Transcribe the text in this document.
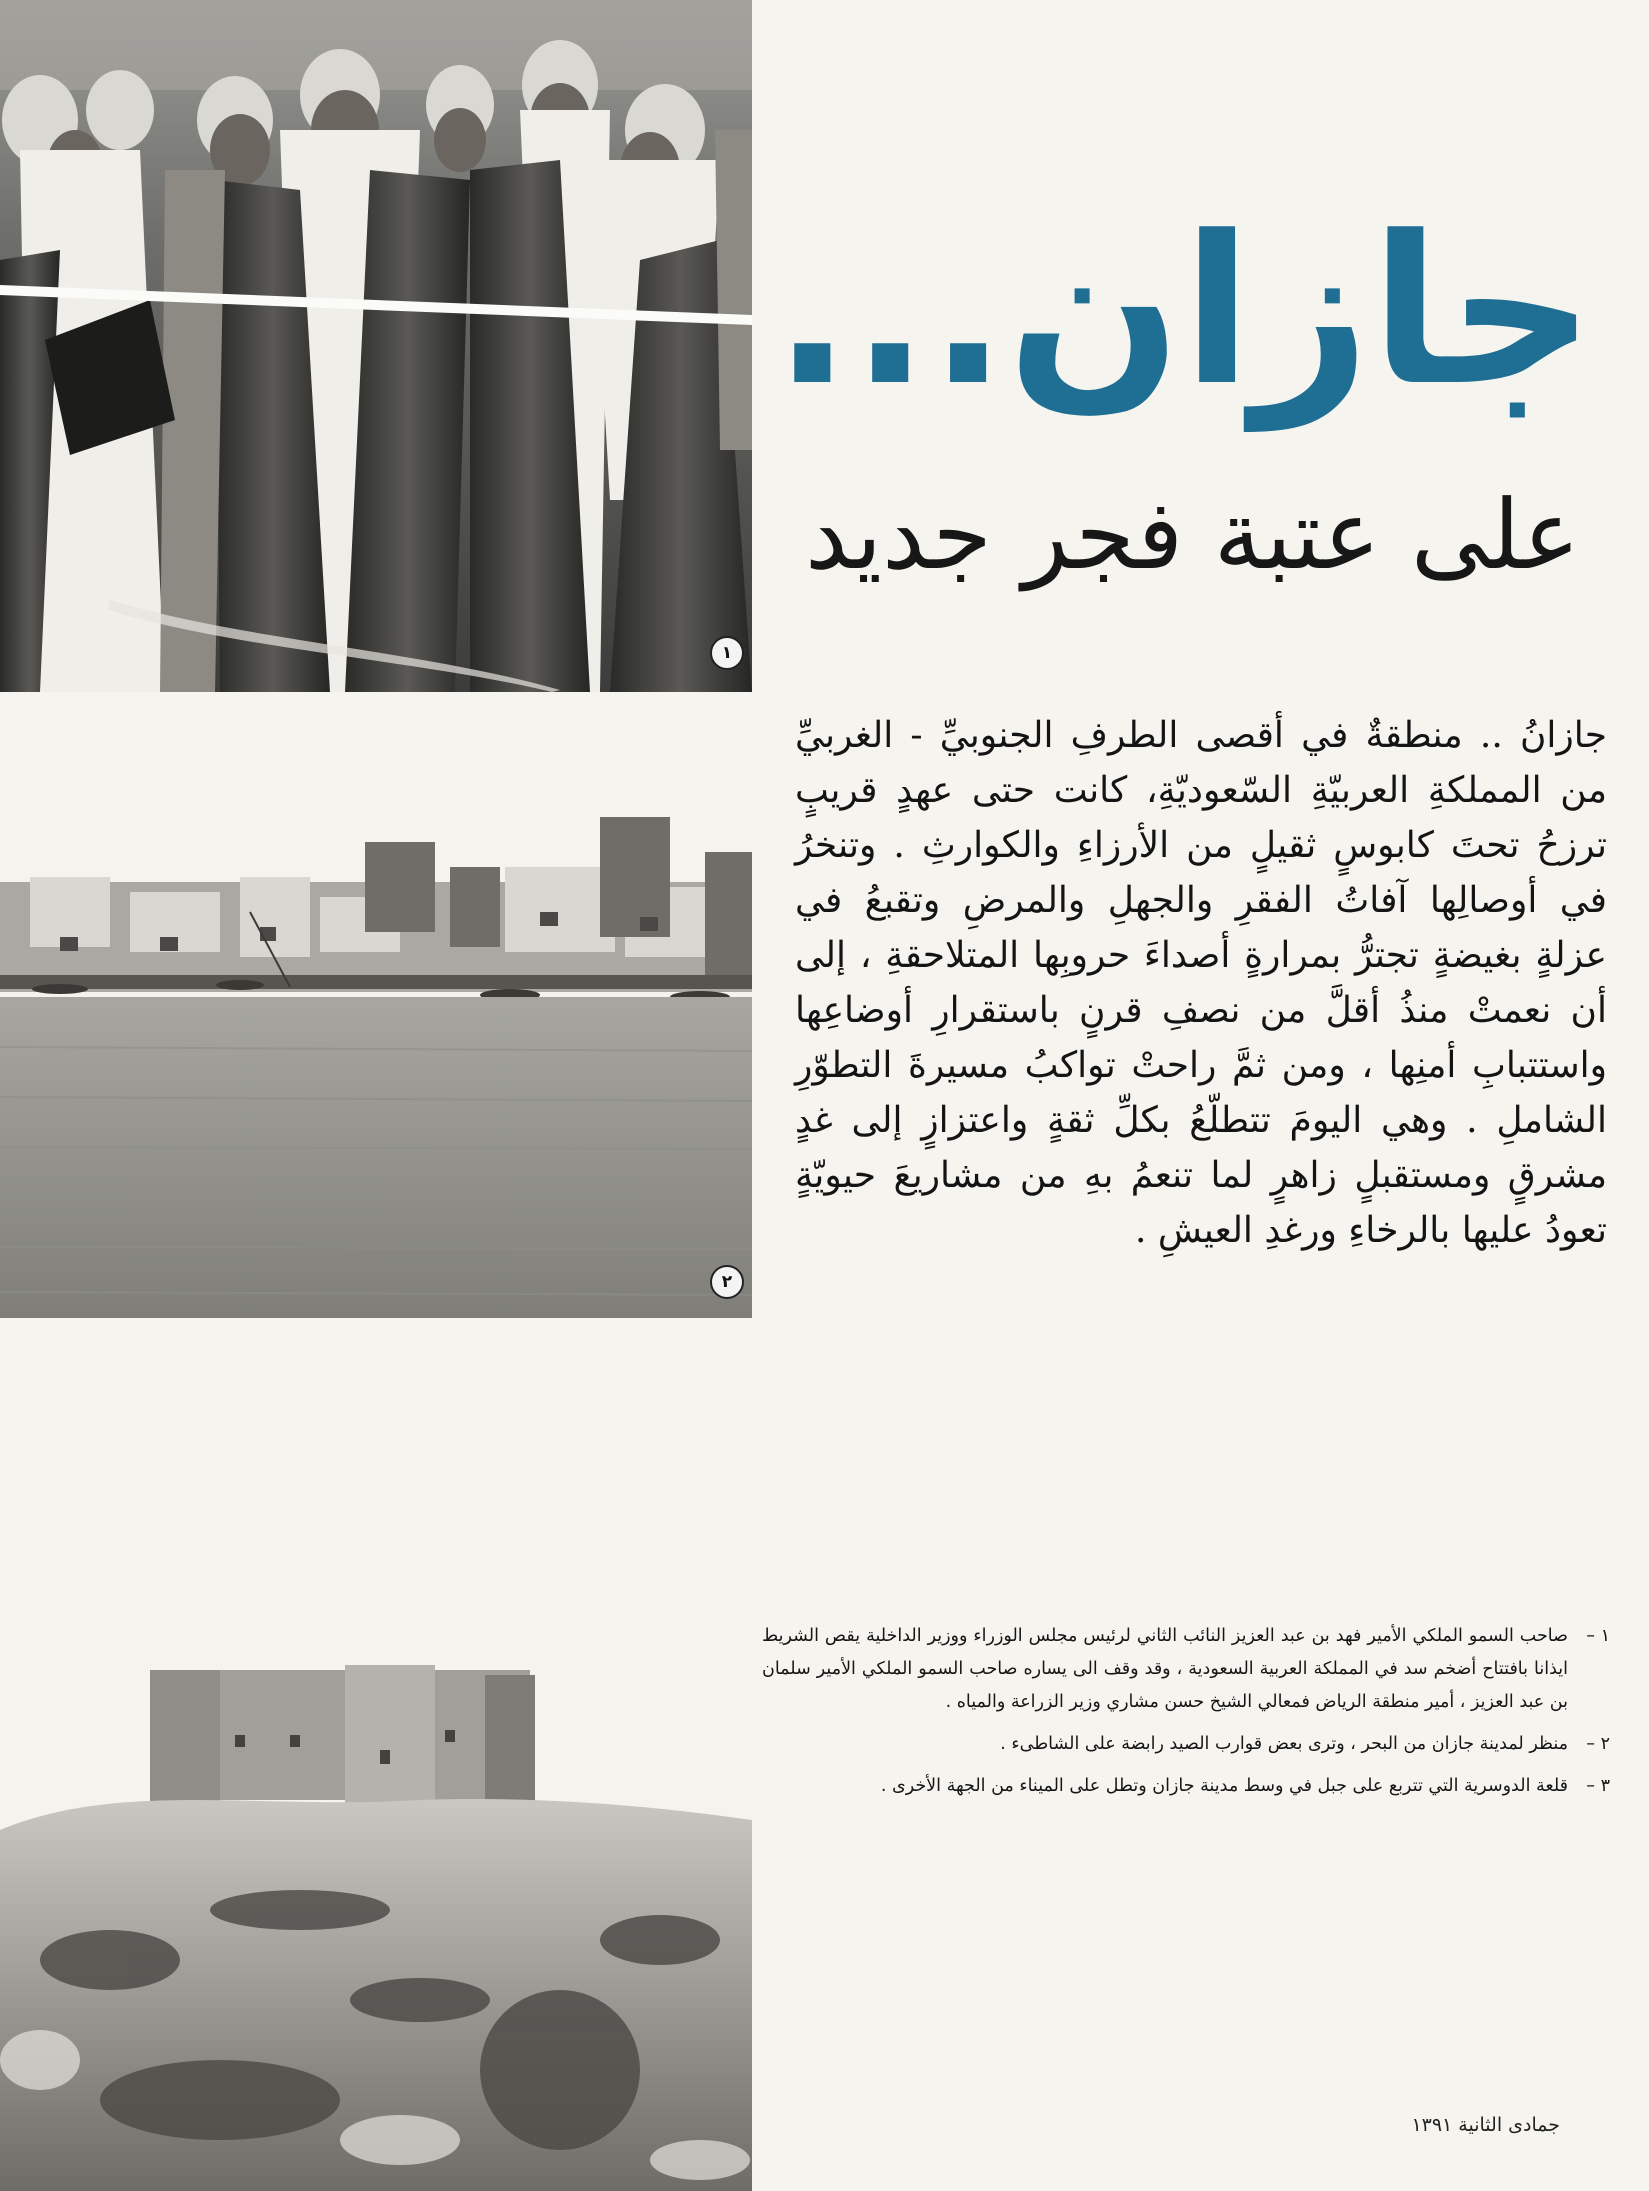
١
٢
جازان...
على عتبة فجر جديد

جازانُ .. منطقةٌ في أقصى الطرفِ الجنوبيِّ - الغربيِّ من المملكةِ العربيّةِ السّعوديّةِ، كانت حتى عهدٍ قريبٍ ترزحُ تحتَ كابوسٍ ثقيلٍ من الأرزاءِ والكوارثِ . وتنخرُ في أوصالِها آفاتُ الفقرِ والجهلِ والمرضِ وتقبعُ في عزلةٍ بغيضةٍ تجترُّ بمرارةٍ أصداءَ حروبِها المتلاحقةِ ، إلى أن نعمتْ منذُ أقلَّ من نصفِ قرنٍ باستقرارِ أوضاعِها واستتبابِ أمنِها ، ومن ثمَّ راحتْ تواكبُ مسيرةَ التطوّرِ الشاملِ . وهي اليومَ تتطلّعُ بكلِّ ثقةٍ واعتزازٍ إلى غدٍ مشرقٍ ومستقبلٍ زاهرٍ لما تنعمُ بهِ من مشاريعَ حيويّةٍ تعودُ عليها بالرخاءِ ورغدِ العيشِ .

١ –
صاحب السمو الملكي الأمير فهد بن عبد العزيز النائب الثاني لرئيس مجلس الوزراء ووزير الداخلية يقص الشريط ايذانا بافتتاح أضخم سد في المملكة العربية السعودية ، وقد وقف الى يساره صاحب السمو الملكي الأمير سلمان بن عبد العزيز ، أمير منطقة الرياض فمعالي الشيخ حسن مشاري وزير الزراعة والمياه .
٢ –
منظر لمدينة جازان من البحر ، وترى بعض قوارب الصيد رابضة على الشاطىء .
٣ –
قلعة الدوسرية التي تتربع على جبل في وسط مدينة جازان وتطل على الميناء من الجهة الأخرى .
جمادى الثانية ١٣٩١
